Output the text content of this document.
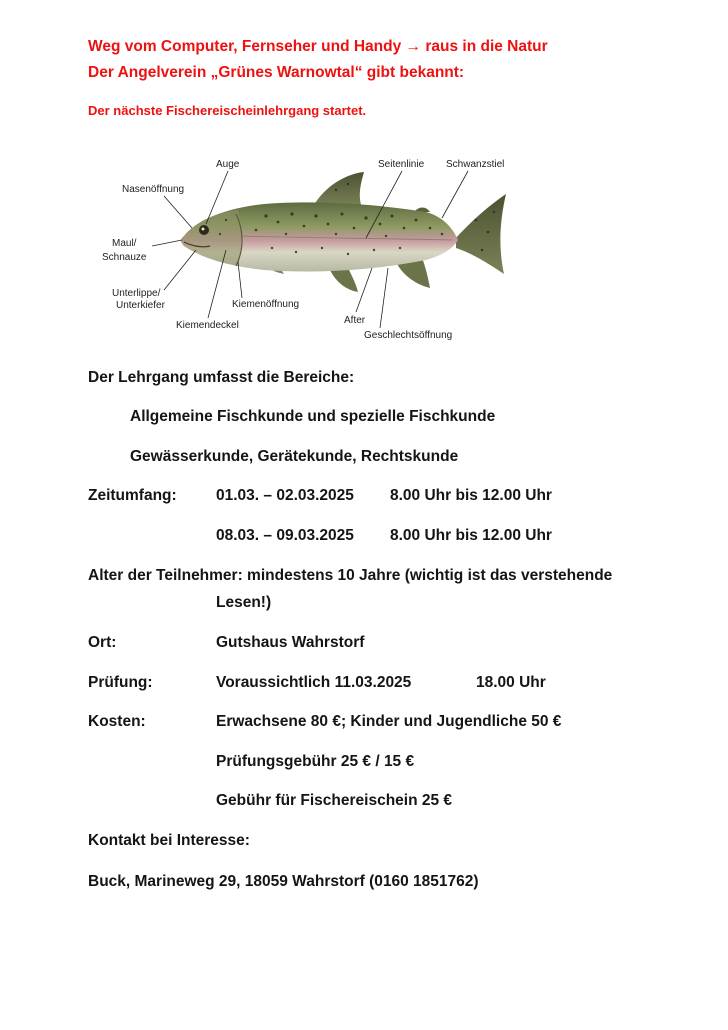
Weg vom Computer, Fernseher und Handy → raus in die Natur
Der Angelverein „Grünes Warnowtal“ gibt bekannt:
Der nächste Fischereischeinlehrgang startet.
Auge	Seitenlinie Schwanzstiel
Nasenöffnung
Maul/
Schnauze
Unterlippe/
Unterkiefer	Kiemenöffnung
Kiemendeckel	After
Geschlechtsöffnung
Der Lehrgang umfasst die Bereiche:
Allgemeine Fischkunde und spezielle Fischkunde
Gewässerkunde, Gerätekunde, Rechtskunde
Zeitumfang:	01.03. – 02.03.2025 8.00 Uhr bis 12.00 Uhr
08.03. – 09.03.2025 8.00 Uhr bis 12.00 Uhr
Alter der Teilnehmer: mindestens 10 Jahre (wichtig ist das verstehende
Lesen!)
Ort:	Gutshaus Wahrstorf
Prüfung:	Voraussichtlich 11.03.2025	18.00 Uhr
Kosten:	Erwachsene 80 €; Kinder und Jugendliche 50 €
Prüfungsgebühr 25 € / 15 €
Gebühr für Fischereischein 25 €
Kontakt bei Interesse:
Buck, Marineweg 29, 18059 Wahrstorf (0160 1851762)
